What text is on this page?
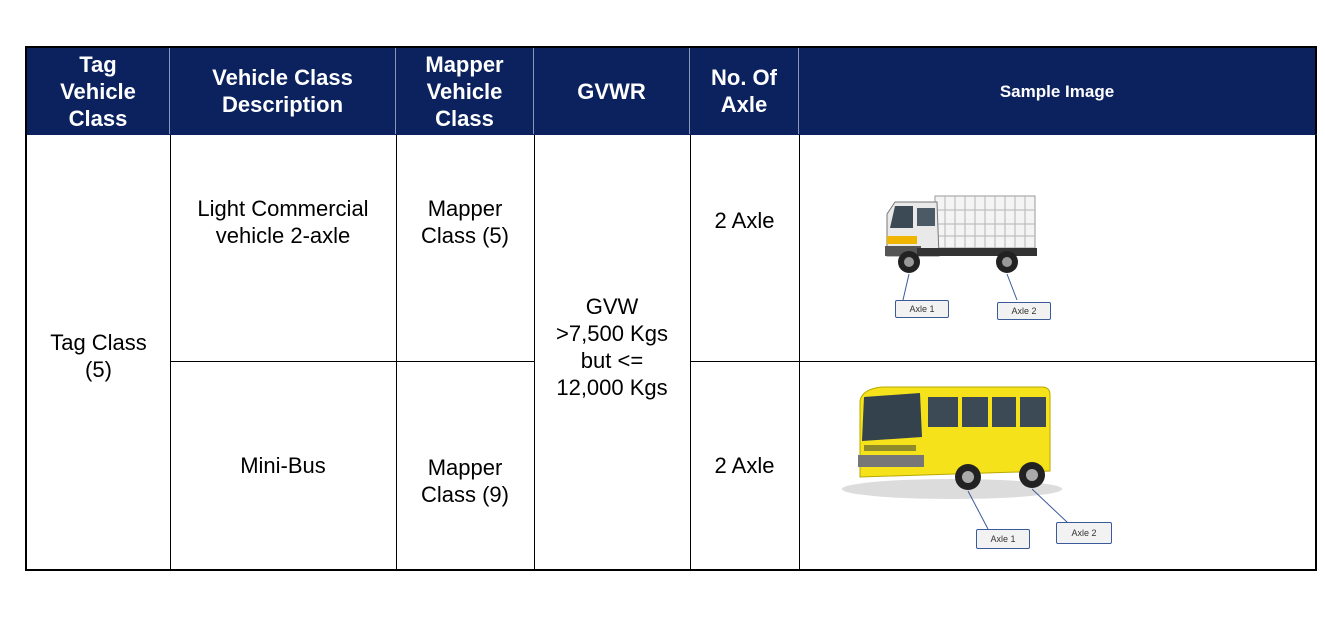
Tag Vehicle Class
Vehicle Class Description
Mapper Vehicle Class
GVWR
No. Of Axle
Sample Image
Tag Class (5)
GVW >7,500 Kgs but <= 12,000 Kgs
Light Commercial vehicle 2-axle
Mapper Class (5)
2 Axle
Mini-Bus	Mapper Class (9)
2 Axle
Axle 1	Axle 2
Axle 1
Axle 2
